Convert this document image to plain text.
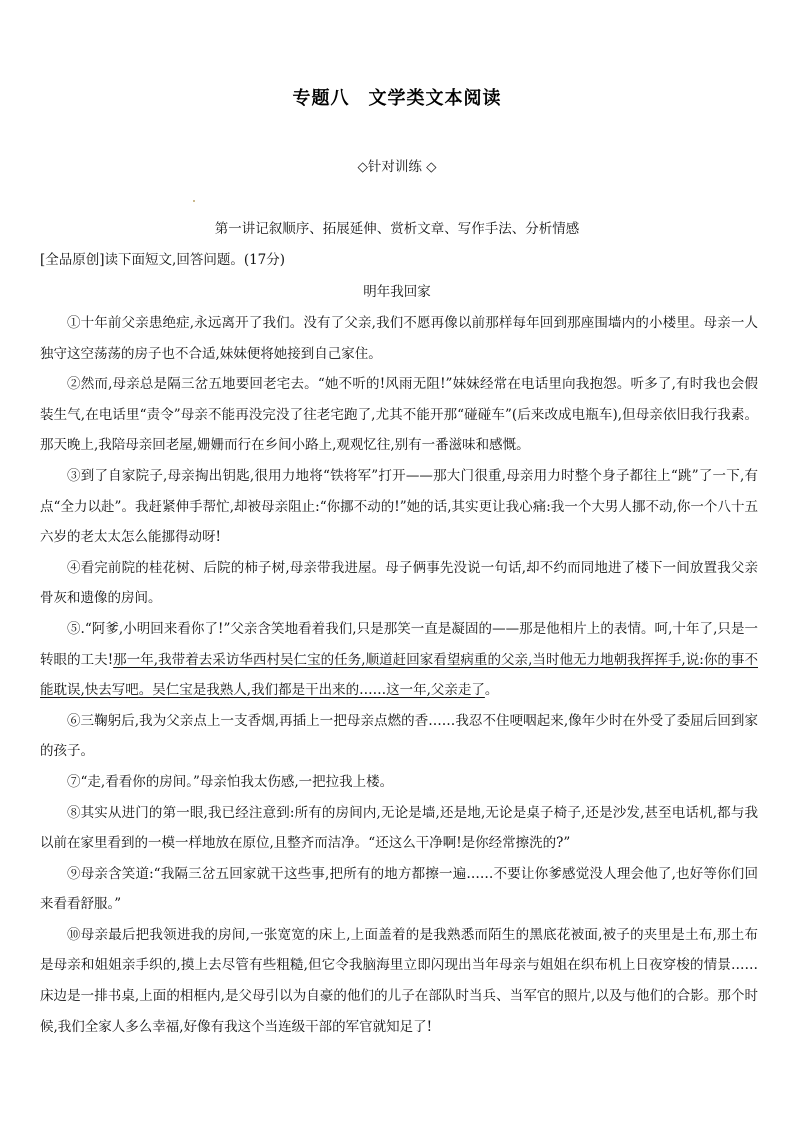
专题八　文学类文本阅读
◇针对训练 ◇
第一讲记叙顺序、拓展延伸、赏析文章、写作手法、分析情感
[全品原创]读下面短文,回答问题。(17分)
明年我回家

①十年前父亲患绝症,永远离开了我们。没有了父亲,我们不愿再像以前那样每年回到那座围墙内的小楼里。母亲一人独守这空荡荡的房子也不合适,妹妹便将她接到自己家住。

②然而,母亲总是隔三岔五地要回老宅去。“她不听的!风雨无阻!”妹妹经常在电话里向我抱怨。听多了,有时我也会假装生气,在电话里“责令”母亲不能再没完没了往老宅跑了,尤其不能开那“碰碰车”(后来改成电瓶车),但母亲依旧我行我素。那天晚上,我陪母亲回老屋,姗姗而行在乡间小路上,观观忆往,别有一番滋味和感慨。

③到了自家院子,母亲掏出钥匙,很用力地将“铁将军”打开——那大门很重,母亲用力时整个身子都往上“跳”了一下,有点“全力以赴”。我赶紧伸手帮忙,却被母亲阻止:“你挪不动的!”她的话,其实更让我心痛:我一个大男人挪不动,你一个八十五六岁的老太太怎么能挪得动呀!

④看完前院的桂花树、后院的柿子树,母亲带我进屋。母子俩事先没说一句话,却不约而同地进了楼下一间放置我父亲骨灰和遗像的房间。

⑤.“阿爹,小明回来看你了!”父亲含笑地看着我们,只是那笑一直是凝固的——那是他相片上的表情。呵,十年了,只是一转眼的工夫!那一年,我带着去采访华西村吴仁宝的任务,顺道赶回家看望病重的父亲,当时他无力地朝我挥挥手,说:你的事不能耽误,快去写吧。吴仁宝是我熟人,我们都是干出来的……这一年,父亲走了。

⑥三鞠躬后,我为父亲点上一支香烟,再插上一把母亲点燃的香……我忍不住哽咽起来,像年少时在外受了委屈后回到家的孩子。

⑦“走,看看你的房间。”母亲怕我太伤感,一把拉我上楼。

⑧其实从进门的第一眼,我已经注意到:所有的房间内,无论是墙,还是地,无论是桌子椅子,还是沙发,甚至电话机,都与我以前在家里看到的一模一样地放在原位,且整齐而洁净。“还这么干净啊!是你经常擦洗的?”

⑨母亲含笑道:“我隔三岔五回家就干这些事,把所有的地方都擦一遍……不要让你爹感觉没人理会他了,也好等你们回来看看舒服。”

⑩母亲最后把我领进我的房间,一张宽宽的床上,上面盖着的是我熟悉而陌生的黑底花被面,被子的夹里是土布,那土布是母亲和姐姐亲手织的,摸上去尽管有些粗糙,但它令我脑海里立即闪现出当年母亲与姐姐在织布机上日夜穿梭的情景……床边是一排书桌,上面的相框内,是父母引以为自豪的他们的儿子在部队时当兵、当军官的照片,以及与他们的合影。那个时候,我们全家人多么幸福,好像有我这个当连级干部的军官就知足了!
